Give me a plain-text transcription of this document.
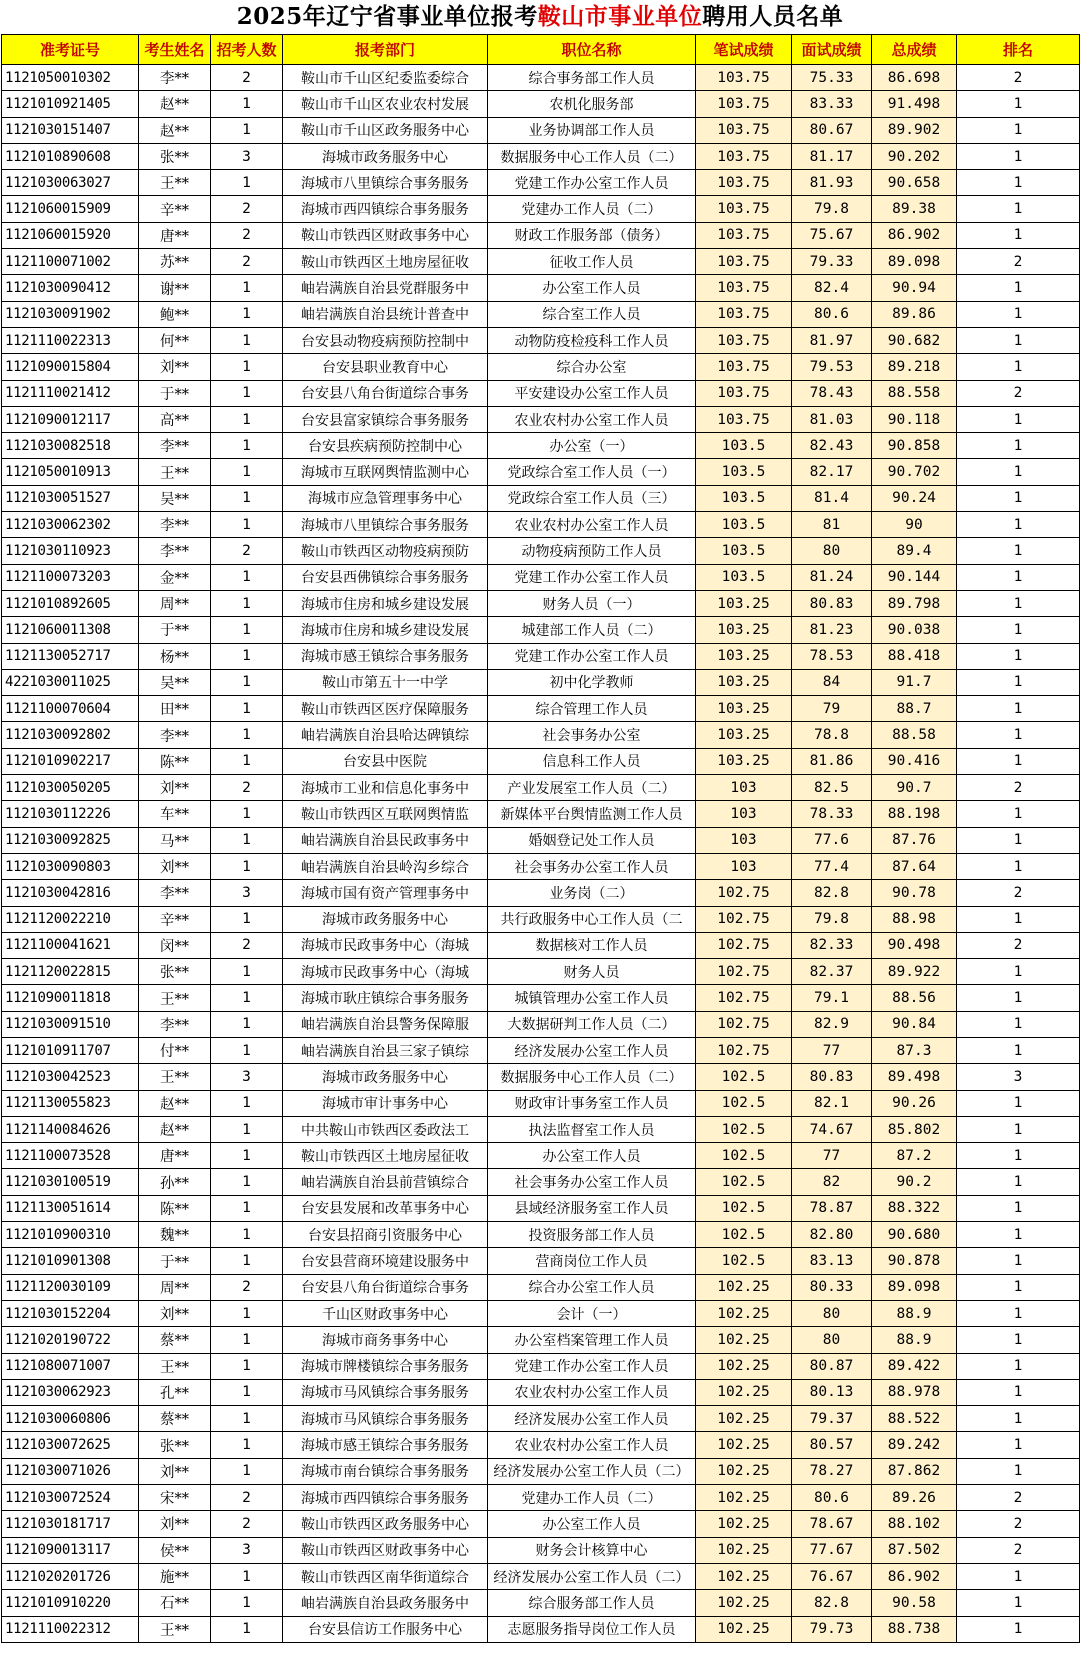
2025年辽宁省事业单位报考鞍山市事业单位聘用人员名单
准考证号	考生姓名	招考人数	报考部门	职位名称	笔试成绩	面试成绩	总成绩	排名
1121050010302	李**	2	鞍山市千山区纪委监委综合	综合事务部工作人员	103.75	75.33	86.698	2
1121010921405	赵**	1	鞍山市千山区农业农村发展	农机化服务部	103.75	83.33	91.498	1
1121030151407	赵**	1	鞍山市千山区政务服务中心	业务协调部工作人员	103.75	80.67	89.902	1
1121010890608	张**	3	海城市政务服务中心	数据服务中心工作人员（二）	103.75	81.17	90.202	1
1121030063027	王**	1	海城市八里镇综合事务服务	党建工作办公室工作人员	103.75	81.93	90.658	1
1121060015909	辛**	2	海城市西四镇综合事务服务	党建办工作人员（二）	103.75	79.8	89.38	1
1121060015920	唐**	2	鞍山市铁西区财政事务中心	财政工作服务部（债务）	103.75	75.67	86.902	1
1121100071002	苏**	2	鞍山市铁西区土地房屋征收	征收工作人员	103.75	79.33	89.098	2
1121030090412	谢**	1	岫岩满族自治县党群服务中	办公室工作人员	103.75	82.4	90.94	1
1121030091902	鲍**	1	岫岩满族自治县统计普查中	综合室工作人员	103.75	80.6	89.86	1
1121110022313	何**	1	台安县动物疫病预防控制中	动物防疫检疫科工作人员	103.75	81.97	90.682	1
1121090015804	刘**	1	台安县职业教育中心	综合办公室	103.75	79.53	89.218	1
1121110021412	于**	1	台安县八角台街道综合事务	平安建设办公室工作人员	103.75	78.43	88.558	2
1121090012117	高**	1	台安县富家镇综合事务服务	农业农村办公室工作人员	103.75	81.03	90.118	1
1121030082518	李**	1	台安县疾病预防控制中心	办公室（一）	103.5	82.43	90.858	1
1121050010913	王**	1	海城市互联网舆情监测中心	党政综合室工作人员（一）	103.5	82.17	90.702	1
1121030051527	吴**	1	海城市应急管理事务中心	党政综合室工作人员（三）	103.5	81.4	90.24	1
1121030062302	李**	1	海城市八里镇综合事务服务	农业农村办公室工作人员	103.5	81	90	1
1121030110923	李**	2	鞍山市铁西区动物疫病预防	动物疫病预防工作人员	103.5	80	89.4	1
1121100073203	金**	1	台安县西佛镇综合事务服务	党建工作办公室工作人员	103.5	81.24	90.144	1
1121010892605	周**	1	海城市住房和城乡建设发展	财务人员（一）	103.25	80.83	89.798	1
1121060011308	于**	1	海城市住房和城乡建设发展	城建部工作人员（二）	103.25	81.23	90.038	1
1121130052717	杨**	1	海城市感王镇综合事务服务	党建工作办公室工作人员	103.25	78.53	88.418	1
4221030011025	吴**	1	鞍山市第五十一中学	初中化学教师	103.25	84	91.7	1
1121100070604	田**	1	鞍山市铁西区医疗保障服务	综合管理工作人员	103.25	79	88.7	1
1121030092802	李**	1	岫岩满族自治县哈达碑镇综	社会事务办公室	103.25	78.8	88.58	1
1121010902217	陈**	1	台安县中医院	信息科工作人员	103.25	81.86	90.416	1
1121030050205	刘**	2	海城市工业和信息化事务中	产业发展室工作人员（二）	103	82.5	90.7	2
1121030112226	车**	1	鞍山市铁西区互联网舆情监	新媒体平台舆情监测工作人员	103	78.33	88.198	1
1121030092825	马**	1	岫岩满族自治县民政事务中	婚姻登记处工作人员	103	77.6	87.76	1
1121030090803	刘**	1	岫岩满族自治县岭沟乡综合	社会事务办公室工作人员	103	77.4	87.64	1
1121030042816	李**	3	海城市国有资产管理事务中	业务岗（二）	102.75	82.8	90.78	2
1121120022210	辛**	1	海城市政务服务中心	共行政服务中心工作人员（二	102.75	79.8	88.98	1
1121100041621	闵**	2	海城市民政事务中心（海城	数据核对工作人员	102.75	82.33	90.498	2
1121120022815	张**	1	海城市民政事务中心（海城	财务人员	102.75	82.37	89.922	1
1121090011818	王**	1	海城市耿庄镇综合事务服务	城镇管理办公室工作人员	102.75	79.1	88.56	1
1121030091510	李**	1	岫岩满族自治县警务保障服	大数据研判工作人员（二）	102.75	82.9	90.84	1
1121010911707	付**	1	岫岩满族自治县三家子镇综	经济发展办公室工作人员	102.75	77	87.3	1
1121030042523	王**	3	海城市政务服务中心	数据服务中心工作人员（二）	102.5	80.83	89.498	3
1121130055823	赵**	1	海城市审计事务中心	财政审计事务室工作人员	102.5	82.1	90.26	1
1121140084626	赵**	1	中共鞍山市铁西区委政法工	执法监督室工作人员	102.5	74.67	85.802	1
1121100073528	唐**	1	鞍山市铁西区土地房屋征收	办公室工作人员	102.5	77	87.2	1
1121030100519	孙**	1	岫岩满族自治县前营镇综合	社会事务办公室工作人员	102.5	82	90.2	1
1121130051614	陈**	1	台安县发展和改革事务中心	县域经济服务室工作人员	102.5	78.87	88.322	1
1121010900310	魏**	1	台安县招商引资服务中心	投资服务部工作人员	102.5	82.80	90.680	1
1121010901308	于**	1	台安县营商环境建设服务中	营商岗位工作人员	102.5	83.13	90.878	1
1121120030109	周**	2	台安县八角台街道综合事务	综合办公室工作人员	102.25	80.33	89.098	1
1121030152204	刘**	1	千山区财政事务中心	会计（一）	102.25	80	88.9	1
1121020190722	蔡**	1	海城市商务事务中心	办公室档案管理工作人员	102.25	80	88.9	1
1121080071007	王**	1	海城市牌楼镇综合事务服务	党建工作办公室工作人员	102.25	80.87	89.422	1
1121030062923	孔**	1	海城市马风镇综合事务服务	农业农村办公室工作人员	102.25	80.13	88.978	1
1121030060806	蔡**	1	海城市马风镇综合事务服务	经济发展办公室工作人员	102.25	79.37	88.522	1
1121030072625	张**	1	海城市感王镇综合事务服务	农业农村办公室工作人员	102.25	80.57	89.242	1
1121030071026	刘**	1	海城市南台镇综合事务服务	经济发展办公室工作人员（二）	102.25	78.27	87.862	1
1121030072524	宋**	2	海城市西四镇综合事务服务	党建办工作人员（二）	102.25	80.6	89.26	2
1121030181717	刘**	2	鞍山市铁西区政务服务中心	办公室工作人员	102.25	78.67	88.102	2
1121090013117	侯**	3	鞍山市铁西区财政事务中心	财务会计核算中心	102.25	77.67	87.502	2
1121020201726	施**	1	鞍山市铁西区南华街道综合	经济发展办公室工作人员（二）	102.25	76.67	86.902	1
1121010910220	石**	1	岫岩满族自治县政务服务中	综合服务部工作人员	102.25	82.8	90.58	1
1121110022312	王**	1	台安县信访工作服务中心	志愿服务指导岗位工作人员	102.25	79.73	88.738	1
